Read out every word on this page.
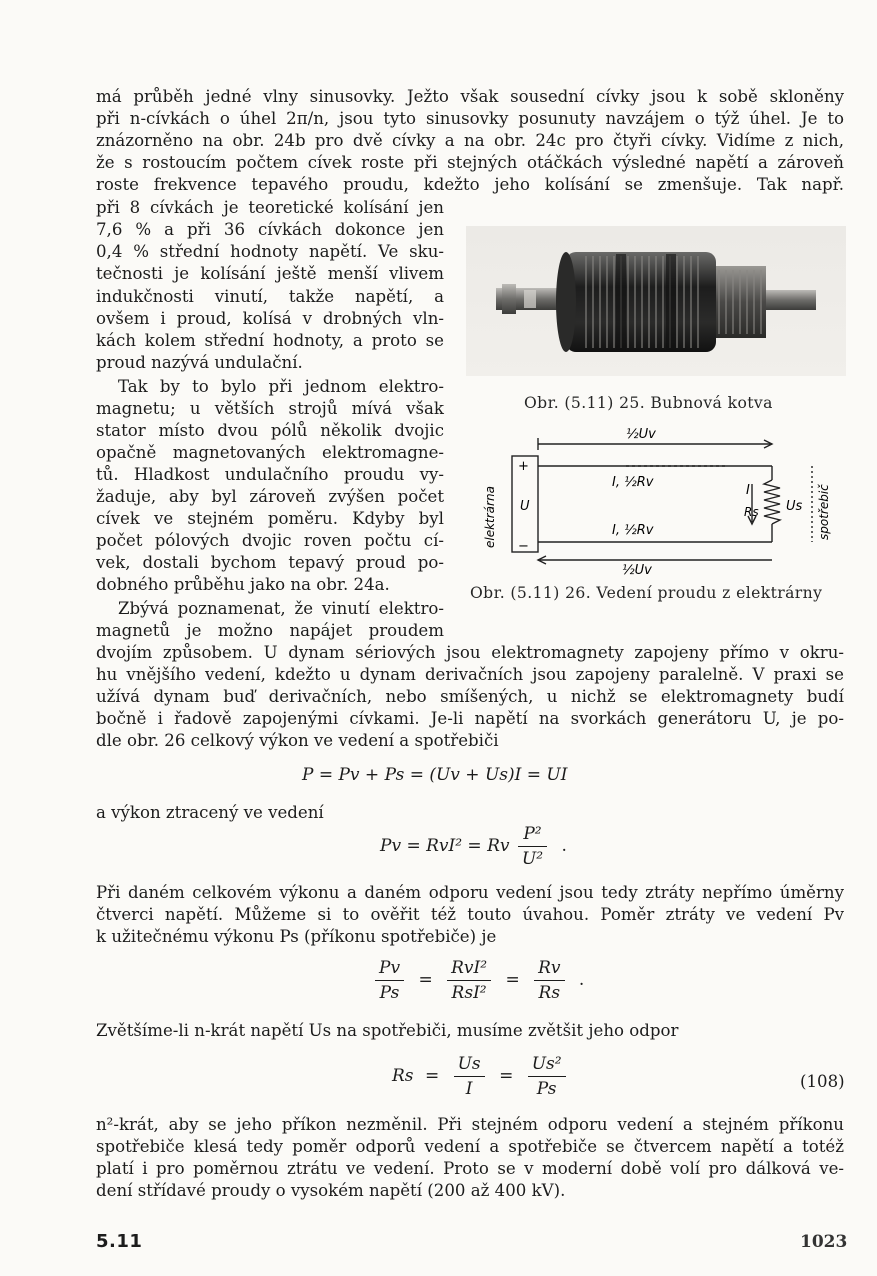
má průběh jedné vlny sinusovky. Ježto však sousední cívky jsou k sobě skloněny
při n-cívkách o úhel 2π/n, jsou tyto sinusovky posunuty navzájem o týž úhel. Je to
znázorněno na obr. 24b pro dvě cívky a na obr. 24c pro čtyři cívky. Vidíme z nich,
že s rostoucím počtem cívek roste při stejných otáčkách výsledné napětí a zároveň
roste frekvence tepavého proudu, kdežto jeho kolísání se zmenšuje. Tak např.
při 8 cívkách je teoretické kolísání jen
7,6 % a při 36 cívkách dokonce jen
0,4 % střední hodnoty napětí. Ve sku-
tečnosti je kolísání ještě menší vlivem
indukčnosti vinutí, takže napětí, a
ovšem i proud, kolísá v drobných vln-
kách kolem střední hodnoty, a proto se
proud nazývá undulační.
Tak by to bylo při jednom elektro-
magnetu; u větších strojů mívá však
stator místo dvou pólů několik dvojic
opačně magnetovaných elektromagne-
tů. Hladkost undulačního proudu vy-
žaduje, aby byl zároveň zvýšen počet
cívek ve stejném poměru. Kdyby byl
počet pólových dvojic roven počtu cí-
vek, dostali bychom tepavý proud po-
dobného průběhu jako na obr. 24a.
Zbývá poznamenat, že vinutí elektro-
magnetů je možno napájet proudem
Obr. (5.11) 25. Bubnová kotva
½Uv
½Uv
+
−
U
I, ½Rv
I, ½Rv
I
Rs Us
elektrárna	spotřebič
Obr. (5.11) 26. Vedení proudu z elektrárny
dvojím způsobem. U dynam sériových jsou elektromagnety zapojeny přímo v okru-
hu vnějšího vedení, kdežto u dynam derivačních jsou zapojeny paralelně. V praxi se
užívá dynam buď derivačních, nebo smíšených, u nichž se elektromagnety budí
bočně i řadově zapojenými cívkami. Je-li napětí na svorkách generátoru U, je po-
dle obr. 26 celkový výkon ve vedení a spotřebiči
P = Pv + Ps = (Uv + Us)I = UI
a výkon ztracený ve vedení
Pv = RvI² = Rv $\frac{\text{P²}}{\text{U²}}$ .
Při daném celkovém výkonu a daném odporu vedení jsou tedy ztráty nepřímo úměrny
čtverci napětí. Můžeme si to ověřit též touto úvahou. Poměr ztráty ve vedení Pv
k užitečnému výkonu Ps (příkonu spotřebiče) je
$\frac{Pv}{Ps} = \frac{\text{RvI²}}{\text{RsI²}} = \frac{Rv}{Rs}$ .
Zvětšíme-li n-krát napětí Us na spotřebiči, musíme zvětšit jeho odpor
$Rs = \frac{Us}{I} = \frac{\text{Us²}}{Ps}$	(108)
n²-krát, aby se jeho příkon nezměnil. Při stejném odporu vedení a stejném příkonu
spotřebiče klesá tedy poměr odporů vedení a spotřebiče se čtvercem napětí a totéž
platí i pro poměrnou ztrátu ve vedení. Proto se v moderní době volí pro dálková ve-
dení střídavé proudy o vysokém napětí (200 až 400 kV).
5.11	1023
